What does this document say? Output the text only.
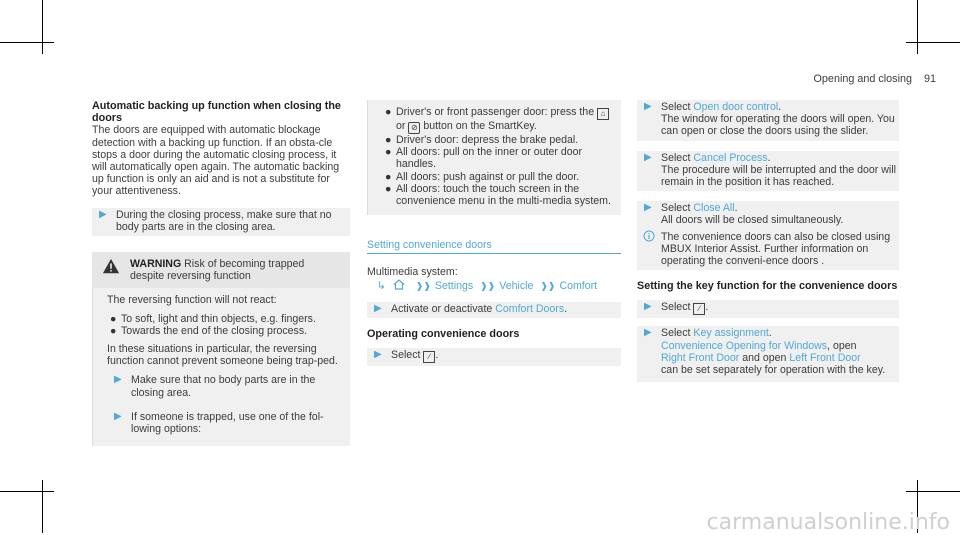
Opening and closing 91

Automatic backing up function when closing the doors

The doors are equipped with automatic blockage detection with a backing up function. If an obsta-cle stops a door during the automatic closing process, it will automatically open again. The automatic backing up function is only an aid and is not a substitute for your attentiveness.

▶ During the closing process, make sure that no body parts are in the closing area.
WARNING Risk of becoming trapped despite reversing function

The reversing function will not react:

● To soft, light and thin objects, e.g. fingers.
● Towards the end of the closing process.

In these situations in particular, the reversing function cannot prevent someone being trap-ped.

▶ Make sure that no body parts are in the closing area.
▶ If someone is trapped, use one of the fol-lowing options:
● Driver's or front passenger door: press the ⌂ or ⊘ button on the SmartKey.
● Driver's door: depress the brake pedal.
● All doors: pull on the inner or outer door handles.
● All doors: push against or pull the door.
● All doors: touch the touch screen in the convenience menu in the multi-media system.
Setting convenience doors

Multimedia system:

↳	❱❱ Settings ❱❱ Vehicle ❱❱ Comfort

▶ Activate or deactivate Comfort Doors.

Operating convenience doors

▶ Select ∕ .
▶ Select Open door control.
The window for operating the doors will open. You can open or close the doors using the slider.
▶ Select Cancel Process.
The procedure will be interrupted and the door will remain in the position it has reached.
▶ Select Close All.
All doors will be closed simultaneously.
The convenience doors can also be closed using MBUX Interior Assist. Further information on operating the conveni-ence doors .

Setting the key function for the convenience doors

▶ Select ∕ .
▶ Select Key assignment.
Convenience Opening for Windows, open
Right Front Door and open Left Front Door
can be set separately for operation with the key.
carmanualsonline.info
